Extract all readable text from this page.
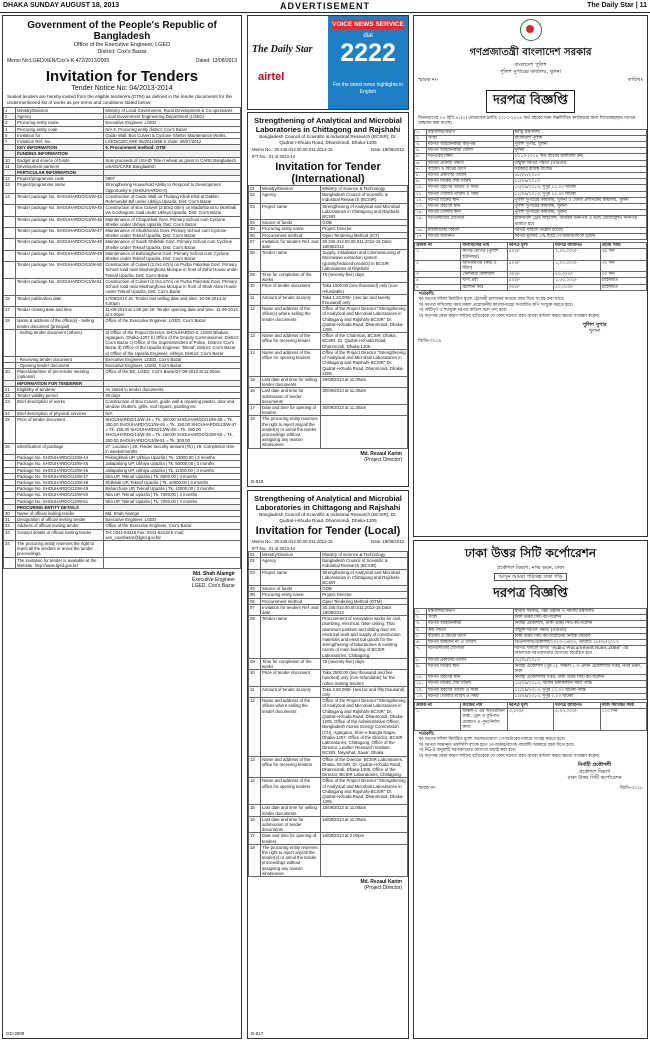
DHAKA SUNDAY AUGUST 18, 2013	ADVERTISEMENT	The Daily Star | 11
Government of the People's Republic of Bangladesh
Office of the Executive Engineer, LGED
District: Cox's Bazar
Memo No:LGED/XEN/Cox's-K-472/2013/2005	Dated: 13/08/2013
Invitation for Tenders
Tender Notice No: 04/2013-2014
Sealed tenders are hereby invited from the eligible tenderers (OTM) as defined in the tender documents for the undermentioned list of works as per terms and conditions stated below:
1	Ministry/Division	Ministry of Local Government, Rural Development & Co-operatives
2	Agency	Local Government Engineering Department (LGED)
3	Procuring entity name	Executive Engineer, LGED
4	Procuring entity code	N/A 5. Procuring entity district: Cox's Bazar
6	Invitation for	Guide Wall, Box Culvert & Cyclone Shelter Maintenance Works.
7	Invitation Ref. No.	LGED/CB/CARE-06/2011/558 8. Date: 29/07/2012
	KEY INFORMATION	9. Procurement method: OTM
	FUNDING INFORMATION	
10	Budget and source of funds	Sole proceeds of USAID Title-II wheat as grant to CARE Bangladesh
11	Development partners	USAID/CARE Bangladesh
	PARTICULAR INFORMATION	
12	Project/programme code	0907
13	Project/programme name	Strengthening Household Ability to Respond to Development Opportunity-II (SHOUHARDO-II)
14	Tender package No. SHOUHARDO/13/W-44	Construction of Guide Wall on Thalang Khali Khal at Dakhin Rohmondel Bill under Ukhiya Upazila, Dist: Cox's Bazar
	Tender package No. SHOUHARDO/13/W-45	Construction of Box Culvert (2.50x2.00m) on Madarbunia to Morkhali via Goshagram road under Ukhiya Upazila, Dist: Cox's Bazar
	Tender package No. SHOUHARDO/13/W-46	Maintenance of Chapokhali Govt. Primary School cum Cyclone Shelter under Ukhiya Upazila, Dist: Cox's Bazar
	Tender package No. SHOUHARDO/13/W-47	Maintenance of Shulkhoona Govt. Primary School cum Cyclone Shelter under Teknaf Upazila, Dist: Cox's Bazar
	Tender package No. SHOUHARDO/13/W-48	Maintenance of South Shilkhali Govt. Primary School cum Cyclone Shelter under Teknaf Upazila, Dist: Cox's Bazar
	Tender package No. SHOUHARDO/13/W-49	Maintenance of Bahiriaghona Govt. Primary School cum Cyclone Shelter under Teknaf Upazila, Dist: Cox's Bazar
	Tender package No. SHOUHARDO/13/W-50	Construction of Culvert (2.0x1.67m) on Purba Palonkal Govt. Primary School road near Moshurghona Mosque in front of Zahir House under Teknaf Upazila, Dist: Cox's Bazar
	Tender package No. SHOUHARDO/13/W-51	Construction of Culvert (2.0x1.67m) on Purba Palonkal Govt. Primary School road near Moshurghona Mosque in front of Shah Alam House under Teknaf Upazila, Dist: Cox's Bazar
15	Tender publication date	17/08/2013 16. Tender last selling date and time: 10-09-2013 at 5.00pm
17	Tender closing date and time	11-09-2013 at 1.00 pm 18. Tender opening date and time: 11-09-2013 at 2.00pm
19	Name & address of the office(s) - Selling tender document (principal)	Office of the Executive Engineer, LGED, Cox's Bazar
	- Selling tender document (others)	a) Office of the Project Director, SHOUHARDO-II, LGED Bhaban, Agargaon, Dhaka-1207 b) Office of the Deputy Commissioner, District: Cox's Bazar c) Office of the Superintendent of Police, District: Cox's Bazar d) Office of the Upazila Engineer, Teknaf, District: Cox's Bazar e) Office of the Upazila Engineer, Ukhiya, District: Cox's Bazar
	- Receiving tender document	Executive Engineer, LGED, Cox's Bazar
	- Opening tender document	Executive Engineer, LGED, Cox's Bazar
20	Place/date/time of pre-tender meeting (optional)	Office of the EE, LGED, Cox's Bazar/27-08-2013 at 11.00am
	INFORMATION FOR TENDERER	
21	Eligibility of tenderer	As stated in tender documents.
22	Tender validity period	90 days
23	Brief description of works	Construction of Box Culvert, guide wall & repairing plaster, door and window shutters, grills, roof repairs, painting etc.
24	Brief description of physical services	N/A
25	Price of tender document	SHOUHARDO/13/W-44 = Tk. 300.00 SHOUHARDO/13/W-45 = Tk. 300.00 SHOUHARDO/13/W-46 = Tk. 150.00 SHOUHARDO/13/W-47 = Tk. 150.00 SHOUHARDO/13/W-48 = Tk. 150.00 SHOUHARDO/13/W-49 = Tk. 150.00 SHOUHARDO/13/W-50 = Tk. 300.00 SHOUHARDO/13/W-51 = Tk. 300.00
26	Identification of package	27. Location | 28. Tender security amount (Tk) | 29. Completion time in weeks/months
	Package No. SHOUHARDO/13/W-44	Palongkhali UP, Ukhiya Upazila | Tk. 13000.00 | 3 months
	Package No. SHOUHARDO/13/W-45	Jaliapalong UP, Ukhiya Upazila | Tk. 50000.00 | 3 months
	Package No. SHOUHARDO/13/W-46	Jaliapalong UP, Ukhiya Upazila | Tk. 11000.00 | 3 months
	Package No. SHOUHARDO/13/W-47	Nila UP, Teknaf Upazila | Tk. 8000.00 | 3 months
	Package No. SHOUHARDO/13/W-48	Shilkhali UP, Teknaf Upazila | Tk. 10000.00 | 3 months
	Package No. SHOUHARDO/13/W-49	Baharchara UP, Teknaf Upazila | Tk. 10000.00 | 3 months
	Package No. SHOUHARDO/13/W-50	Nila UP, Teknaf Upazila | Tk. 7000.00 | 3 months
	Package No. SHOUHARDO/13/W-51	Nila UP, Teknaf Upazila | Tk. 7000.00 | 3 months
	PROCURING ENTITY DETAILS	
30	Name of official inviting tender	Md. Shah Alamgir
31	Designation of official inviting tender	Executive Engineer, LGED
32	Address of official inviting tender	Office of the Executive Engineer, Cox's Bazar
33	Contact details of official inviting tender	Tel: 0341-64218 Fax: 0341-64218 E-mail: xen_coxsbazar@lged.gov.bd
34	The procuring entity reserves the right to reject all the tenders or annul the tender proceedings.	
	The invitation for tender is available at the Website: http://www.lged.gov.bd	
Md. Shah Alamgir
Executive Engineer
LGED, Cox's Bazar
GD-3009
The Daily Star
airtel
VOICE NEWS SERVICE
dial
2222
For the latest news highlights in English
Strengthening of Analytical and Microbial Laboratories in Chittagong and Rajshahi
Bangladesh Council of Scientific & Industrial Research (BCSIR), Dr. Qudrat-i-Khuda Road, Dhanmondi, Dhaka-1205
Memo No.: 30.345.014.00.00.011.2012-15	Date: 18/08/2013
IFT No.: 01 of 2013-14
Invitation for Tender
(International)
01	Ministry/Division	Ministry of Science & Technology
02	Agency	Bangladesh Council of Scientific & Industrial Research (BCSIR)
03	Project name	Strengthening of Analytical and Microbial Laboratories in Chittagong and Rajshahi-BCSIR
04	Source of funds	GOB
05	Procuring entity name	Project Director
06	Procurement method	Open Tendering Method (ICT)
07	Invitation for tenders Ref. and date	30.345.014.00.00.011.2012-15 Date: 18/08/2013
08	Tender name	Supply, installation and commissioning of Microwave extraction system (gravity/reduced product) in BCSIR Laboratories at Rajshahi
09	Time for completion of the works	75 (seventy-five) days
10	Price of tender document	Taka 1000.00 (one thousand) only (non-refundable)
11	Amount of tender security	Taka 1,20,000/- (one lac and twenty thousand) only
12	Name and address of the office(s) where selling the tender documents	Office of the Project Director "Strengthening of Analytical and Microbial Laboratories in Chittagong and Rajshahi-BCSIR" Dr. Qudrat-i-Khuda Road, Dhanmondi, Dhaka-1205.
13	Name and address of the office for receiving tender	Office of the Chairman, BCSIR, Dhaka, BCSIR, Dr. Qudrat-i-Khuda Road, Dhanmondi, Dhaka-1205.
14	Name and address of the office for opening tenders	Office of the Project Director "Strengthening of Analytical and Microbial Laboratories in Chittagong and Rajshahi-BCSIR" Dr. Qudrat-i-Khuda Road, Dhanmondi, Dhaka-1205.
15	Last date and time for selling tender documents	29/09/2013 at 11.00am
16	Last date and time for submission of tender documents	30/09/2013 at 11.30am
17	Date and time for opening of tenders	30/09/2013 at 11.30am
18	The procuring entity reserves the right to reject any/all the tender(s) or annul the tender proceedings without assigning any reason whatsoever.	
Md. Rezaul Karim
(Project Director)
D-818
Strengthening of Analytical and Microbial Laboratories in Chittagong and Rajshahi
Bangladesh Council of Scientific & Industrial Research (BCSIR), Dr. Qudrat-i-Khuda Road, Dhanmondi, Dhaka-1205
Invitation for Tender (Local)
Memo No.: 30.345.014.00.00.011.2012-15	Date: 18/08/2013
IFT No.: 01 of 2013-14
01	Ministry/Division	Ministry of Science & Technology
02	Agency	Bangladesh Council of Scientific & Industrial Research (BCSIR)
03	Project name	Strengthening of Analytical and Microbial Laboratories in Chittagong and Rajshahi-BCSIR
04	Source of funds	GOB
05	Procuring entity name	Project Director
06	Procurement method	Open Tendering Method (OTM)
07	Invitation for tenders Ref. and date	30.345.014.00.00.011.2012-15 Date: 18/08/2013
08	Tender name	Procurement of renovation works for civil, plumbing, electrical, false ceiling, Thai aluminum partition and sliding door etc. electrical work and supply of construction materials and electrical goods for the strengthening of laboratories in existing rooms of main building of BCSIR Laboratories, Chittagong.
09	Time for completion of the works	75 (seventy-five) days
10	Price of tender document	Taka 2500.00 (two thousand and five hundred) only (non-refundable) for the notice inviting tenders
11	Amount of tender security	Taka 2,50,000/- (two lac and fifty thousand) only
12	Name and address of the offices where selling the tender documents	Office of the Project Director "Strengthening of Analytical and Microbial Laboratories in Chittagong and Rajshahi-BCSIR" Dr. Qudrat-i-Khuda Road, Dhanmondi, Dhaka-1205. Office of the Administrative Officer, Bangladesh Atomic Energy Commission (CU), Agargaon, Sher-e-Bangla Nagar, Dhaka-1207. Office of the Director, BCSIR Laboratories, Chittagong. Office of the Director, Leather Research Institute, BCSIR, Nayarhat, Savar, Dhaka.
13	Name and address of the office for receiving tenders	Office of the Director, BCSIR Laboratories, Dhaka, BCSIR, Dr. Qudrat-i-Khuda Road, Dhanmondi, Dhaka-1205. Office of the Director, BCSIR Laboratories, Chittagong.
14	Name and address of the office for opening tenders	Office of the Project Director "Strengthening of Analytical and Microbial Laboratories in Chittagong and Rajshahi-BCSIR" Dr. Qudrat-i-Khuda Road, Dhanmondi, Dhaka-1205.
15	Last date and time for selling tender documents	15/09/2013 at 11.00am
16	Last date and time for submission of tender documents	16/09/2013 at 11.00am
17	Date and time for opening of tenders	16/09/2013 at 2.00pm
18	The procuring entity reserves the right to reject any/all the tender(s) or annul the tender proceedings without assigning any reason whatsoever.	
Md. Rezaul Karim
(Project Director)
D-817
গণপ্রজাতন্ত্রী বাংলাদেশ সরকার
বাংলাদেশ পুলিশ
পুলিশ সুপারের কার্যালয়, খুলনা
স্মারক নং-	তারিখঃ
দরপত্র বিজ্ঞপ্তি
বিগনতাগের ০৪ বিবি ৯২(২) মোতাবেক চলতি ২০১৩-২০১৪ অর্থ বছরের জন্য নিম্নলিখিত কার্যক্রমের জন্য সিলমোহরকৃত দরপত্র আহবান করা যাচ্ছে।
১.	মন্ত্রণালয়/বিভাগ	স্বরাষ্ট্র মন্ত্রণালয়
২.	সংস্থা	বাংলাদেশ পুলিশ
৩.	দরপত্র আহবানকারী কর্তৃপক্ষ	পুলিশ সুপার, খুলনা
৪.	দরপত্র আহবানকারী জেলা	খুলনা
৫.	দরপত্রের বিষয়	২০১৩-২০১৪ অর্থ বছরের মালামাল ক্রয়
৬.	দরপত্র প্রক্রিয়া পদ্ধতি	উন্মুক্ত দরপত্র পদ্ধতি (ওটিএম)
৭.	বাজেট ও অর্থের উৎস	সরকারি রাজস্ব বাজেট
৮.	দরপত্র প্রকাশের তারিখ	১৮/০৮/২০১৩
৯.	দরপত্র বিক্রির শেষ তারিখ	১১/০৯/২০১৩
১০.	দরপত্র গ্রহণের তারিখ ও সময়	১২/০৯/২০১৩, দুপুর ১২.০০ ঘটিকা
১১.	দরপত্র খোলার তারিখ ও সময়	১২/০৯/২০১৩, দুপুর ১২.৩০ ঘটিকা
১২.	দরপত্র বিক্রির স্থান	পুলিশ সুপারের কার্যালয়, খুলনা ও জেলা প্রশাসকের কার্যালয়, খুলনা
১৩.	দরপত্র গ্রহণের স্থান	পুলিশ সুপারের কার্যালয়, খুলনা
১৪.	দরপত্র খোলার স্থান	পুলিশ সুপারের কার্যালয়, খুলনা
১৫.	দরপত্রদাতার যোগ্যতা	হালনাগাদ ট্রেড লাইসেন্স, আয়কর সনদপত্র ও ভ্যাট রেজিস্ট্রেশন সনদপত্র থাকতে হবে
১৬.	মালামালের বিবরণ	দরপত্র দলিলে উল্লেখ রয়েছে
১৭.	দরপত্র জামানত	দরপত্র মূল্যের ৫% হারে পে-অর্ডার/ব্যাংক ড্রাফট
ক্রমিক নং	মালামালের নাম	দরপত্র মূল্য	দরপত্র জামানত	প্রদেয় সময়
১	কাপড় চোপড় (পুলিশ ইউনিফর্ম)	৫০০/-	২,০০,০০০/-	৩০ দিন
২	আসবাবপত্র (কাঠ ও স্টিল)	৫০০/-	১,০০,০০০/-	৩০ দিন
৩	স্টেশনারী মালামাল	৩০০/-	৫০,০০০/-	৩০ দিন
৪	খাদ্য দ্রব্য	৫০০/-	১,৫০,০০০/-	চাহিদামত
৫	জ্বালানী কাঠ	৩০০/-	৫০,০০০/-	চাহিদামত
শর্তাবলী:
ক) দরপত্র দলিল নির্ধারিত মূল্যে ট্রেজারী চালানের মাধ্যমে জমা দিয়ে সংগ্রহ করা যাবে।
খ) দরপত্র দাখিলের সময় সকল প্রয়োজনীয় কাগজপত্রের সত্যায়িত কপি সংযুক্ত করতে হবে।
গ) ত্রুটিপূর্ণ ও শর্তযুক্ত দরপত্র বাতিল বলে গণ্য হবে।
ঘ) কর্তৃপক্ষ কোন কারণ দর্শানো ব্যতিরেকে যে কোন দরপত্র গ্রহণ অথবা বাতিল করার ক্ষমতা সংরক্ষণ করেন।
পুলিশ সুপার
খুলনা
জিডি-৩০১৯
ঢাকা উত্তর সিটি কর্পোরেশন
প্রকৌশল বিভাগ, নগর ভবন, ঢাকা
আসুন আমরা পরিচ্ছন্ন ঢাকা গড়ি
দরপত্র বিজ্ঞপ্তি
১.	মন্ত্রণালয়/বিভাগ	স্থানীয় সরকার, পল্লী উন্নয়ন ও সমবায় মন্ত্রণালয়
২.	সংস্থা	ঢাকা উত্তর সিটি কর্পোরেশন
৩.	দরপত্র আহবানকারী	নির্বাহী প্রকৌশলী, ঢাকা উত্তর সিটি কর্পোরেশন
৪.	ক্রয় পদ্ধতি	উন্মুক্ত দরপত্র পদ্ধতি (ওটিএম)
৫.	বাজেট ও অর্থের উৎস	ঢাকা উত্তর সিটি কর্পোরেশনের নিজস্ব তহবিল
৬.	দরপত্র আহবান নং ও তারিখ	ডিএনসিসি/প্রকৌশল/২০১৩-১৪/০৫, তারিখঃ ১৮/০৮/২০১৩
৭.	দরপত্রদাতার যোগ্যতা	দরপত্র দলিলে বর্ণিত "Public Procurement Rules 2008" এর আলোকে দরপত্রদাতার যোগ্যতা বিবেচিত হবে
৮.	দরপত্র প্রকাশের তারিখ	১৮/০৮/২০১৩
৯.	দরপত্র বিক্রির স্থান	নির্বাহী প্রকৌশলী (পুর-১), অঞ্চল-১ ও প্রধান প্রকৌশলীর দপ্তর, নগর ভবন, ঢাকা
১০.	দরপত্র গ্রহণের স্থান	নির্বাহী প্রকৌশলীর দপ্তর, ঢাকা উত্তর সিটি কর্পোরেশন
১১.	দরপত্র বিক্রির শেষ তারিখ	১১/০৯/২০১৩, অফিস চলাকালীন সময় পর্যন্ত
১২.	দরপত্র গ্রহণের তারিখ ও সময়	১২/০৯/২০১৩, দুপুর ১২.০০ ঘটিকা পর্যন্ত
১৩.	দরপত্র খোলার তারিখ ও সময়	১২/০৯/২০১৩, দুপুর ২.০০ ঘটিকা
ক্রমিক নং	কাজের নাম	দরপত্র মূল্য	দরপত্র জামানত	কাজ সমাপ্তির সময়
১	অঞ্চল-১ এর আওতাধীন রাস্তা, ড্রেন ও ফুটপাত মেরামত ও পুনঃনির্মাণ কাজ	৩,০০০/-	৫,০০,০০০/-	১২০ দিন
শর্তাবলী:
ক) দরপত্র দলিল নির্ধারিত মূল্যে অফেরতযোগ্য পে-অর্ডারের মাধ্যমে সংগ্রহ করতে হবে।
খ) দরপত্র জামানত তফসিলি ব্যাংক হতে পে-অর্ডার/ব্যাংক গ্যারান্টি আকারে জমা দিতে হবে।
গ) PG-3 অনুযায়ী দরপত্রদাতার যোগ্যতা যাচাই করা হবে।
ঘ) কর্তৃপক্ষ কোন কারণ দর্শানো ব্যতিরেকে যে কোন দরপত্র গ্রহণ অথবা বাতিল করার ক্ষমতা সংরক্ষণ করেন।
নির্বাহী প্রকৌশলী
প্রকৌশল বিভাগ
ঢাকা উত্তর সিটি কর্পোরেশন
স্মারক নং-	জিডি-৩০১৮
